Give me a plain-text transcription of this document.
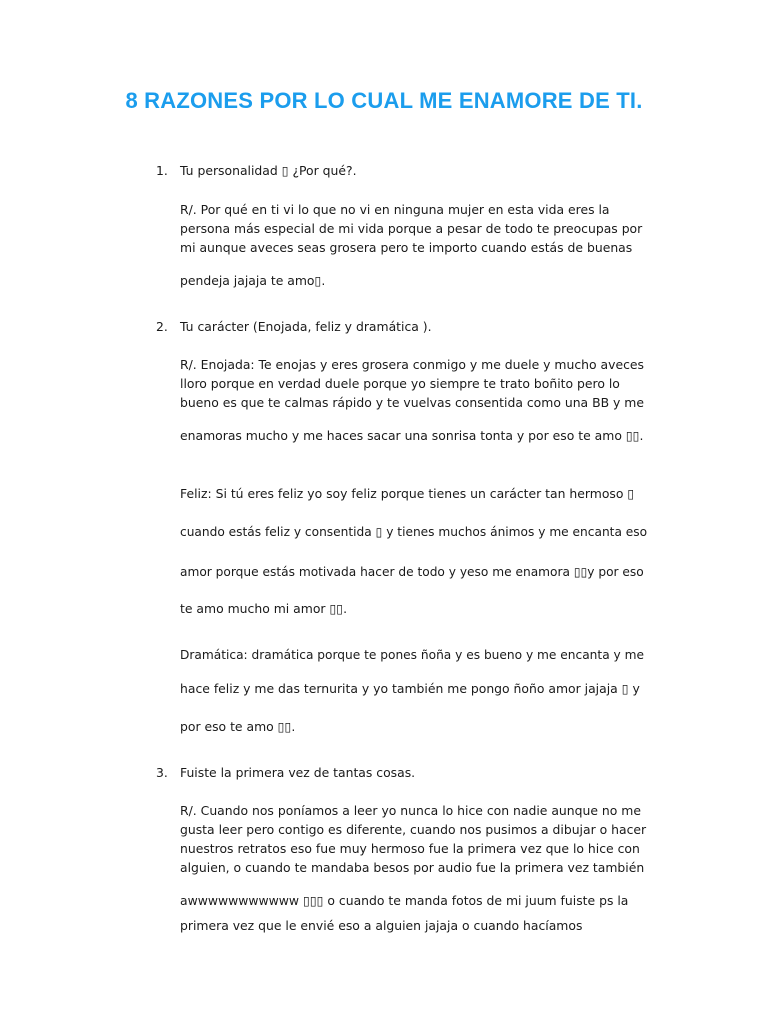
8 RAZONES POR LO CUAL ME ENAMORE DE TI.
1. Tu personalidad ▯ ¿Por qué?.

R/. Por qué en ti vi lo que no vi en ninguna mujer en esta vida eres la

persona más especial de mi vida porque a pesar de todo te preocupas por

mi aunque aveces seas grosera pero te importo cuando estás de buenas

pendeja jajaja te amo▯.

2. Tu carácter (Enojada, feliz y dramática ).

R/. Enojada: Te enojas y eres grosera conmigo y me duele y mucho aveces

lloro porque en verdad duele porque yo siempre te trato boñito pero lo

bueno es que te calmas rápido y te vuelvas consentida como una BB y me

enamoras mucho y me haces sacar una sonrisa tonta y por eso te amo ▯▯.

Feliz: Si tú eres feliz yo soy feliz porque tienes un carácter tan hermoso ▯

cuando estás feliz y consentida ▯ y tienes muchos ánimos y me encanta eso

amor porque estás motivada hacer de todo y yeso me enamora ▯▯y por eso

te amo mucho mi amor ▯▯.

Dramática: dramática porque te pones ñoña y es bueno y me encanta y me

hace feliz y me das ternurita y yo también me pongo ñoño amor jajaja ▯ y

por eso te amo ▯▯.

3. Fuiste la primera vez de tantas cosas.

R/. Cuando nos poníamos a leer yo nunca lo hice con nadie aunque no me

gusta leer pero contigo es diferente, cuando nos pusimos a dibujar o hacer

nuestros retratos eso fue muy hermoso fue la primera vez que lo hice con

alguien, o cuando te mandaba besos por audio fue la primera vez también

awwwwwwwwwww ▯▯▯ o cuando te manda fotos de mi juum fuiste ps la

primera vez que le envié eso a alguien jajaja o cuando hacíamos
